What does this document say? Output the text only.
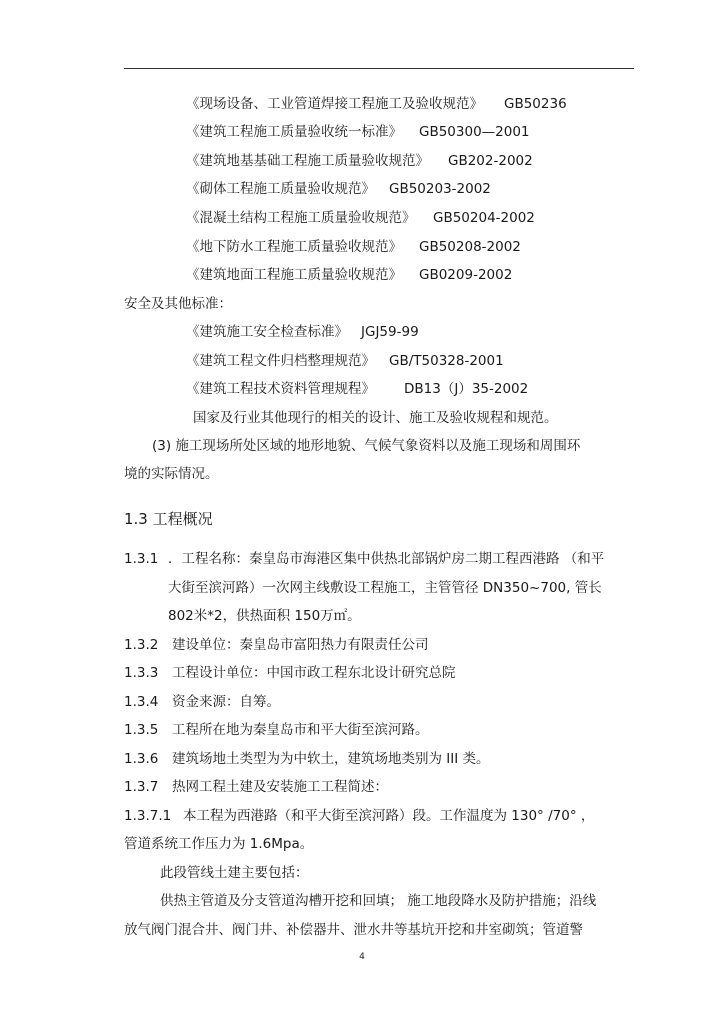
《现场设备、工业管道焊接工程施工及验收规范》 GB50236
《建筑工程施工质量验收统一标准》 GB50300—2001
《建筑地基基础工程施工质量验收规范》 GB202-2002
《砌体工程施工质量验收规范》 GB50203-2002
《混凝土结构工程施工质量验收规范》 GB50204-2002
《地下防水工程施工质量验收规范》 GB50208-2002
《建筑地面工程施工质量验收规范》 GB0209-2002
安全及其他标准：
《建筑施工安全检查标准》 JGJ59-99
《建筑工程文件归档整理规范》 GB/T50328-2001
《建筑工程技术资料管理规程》 DB13（J）35-2002
国家及行业其他现行的相关的设计、施工及验收规程和规范。
(3) 施工现场所处区域的地形地貌、气候气象资料以及施工现场和周围环
境的实际情况。
1.3 工程概况
1.3.1 ．工程名称：秦皇岛市海港区集中供热北部锅炉房二期工程西港路 （和平
大街至滨河路）一次网主线敷设工程施工，主管管径 DN350~700, 管长
802米*2，供热面积 150万㎡。
1.3.2 建设单位：秦皇岛市富阳热力有限责任公司
1.3.3 工程设计单位：中国市政工程东北设计研究总院
1.3.4 资金来源：自筹。
1.3.5 工程所在地为秦皇岛市和平大街至滨河路。
1.3.6 建筑场地土类型为为中软土，建筑场地类别为 III 类。
1.3.7 热网工程土建及安装施工工程简述：
1.3.7.1 本工程为西港路（和平大街至滨河路）段。工作温度为 130° /70° ，
管道系统工作压力为 1.6Mpa。
此段管线土建主要包括：
供热主管道及分支管道沟槽开挖和回填； 施工地段降水及防护措施；沿线
放气阀门混合井、阀门井、补偿器井、泄水井等基坑开挖和井室砌筑；管道警
4
